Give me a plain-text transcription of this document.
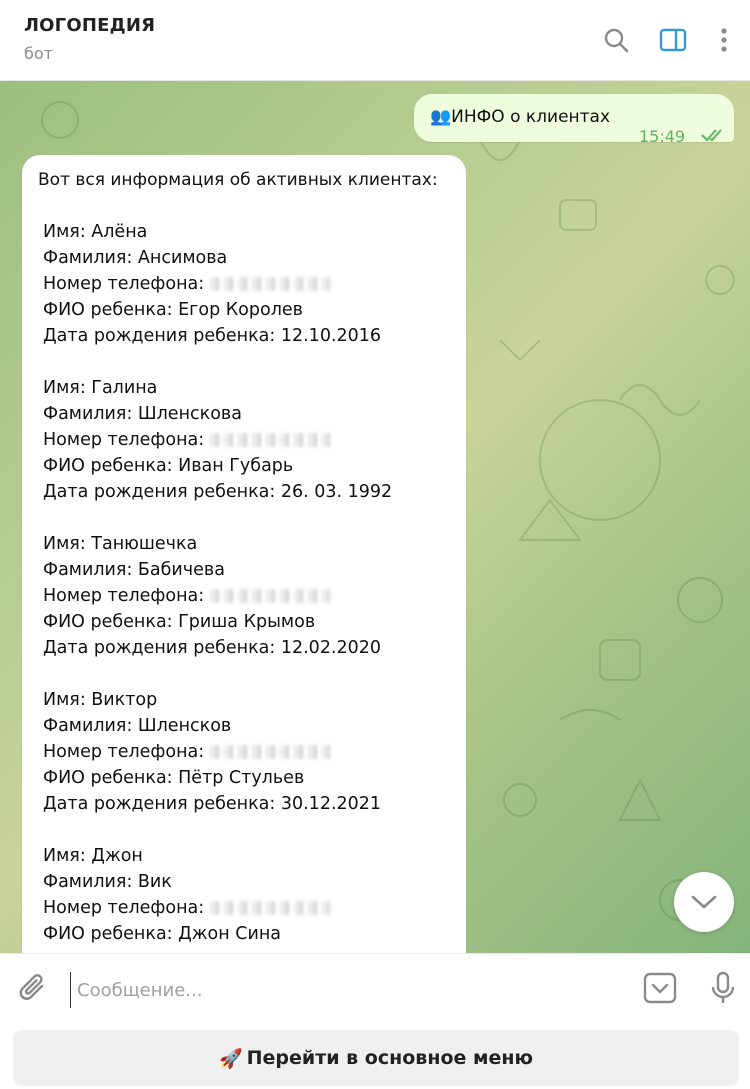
ЛОГОПЕДИЯ
бот
👥ИНФО о клиентах
15:49
Вот вся информация об активных клиентах:
Имя: Алёна
Фамилия: Ансимова
Номер телефона:
ФИО ребенка: Егор Королев
Дата рождения ребенка: 12.10.2016
Имя: Галина
Фамилия: Шленскова
Номер телефона:
ФИО ребенка: Иван Губарь
Дата рождения ребенка: 26. 03. 1992
Имя: Танюшечка
Фамилия: Бабичева
Номер телефона:
ФИО ребенка: Гриша Крымов
Дата рождения ребенка: 12.02.2020
Имя: Виктор
Фамилия: Шленсков
Номер телефона:
ФИО ребенка: Пётр Стульев
Дата рождения ребенка: 30.12.2021
Имя: Джон
Фамилия: Вик
Номер телефона:
ФИО ребенка: Джон Сина
Сообщение...
🚀 Перейти в основное меню
